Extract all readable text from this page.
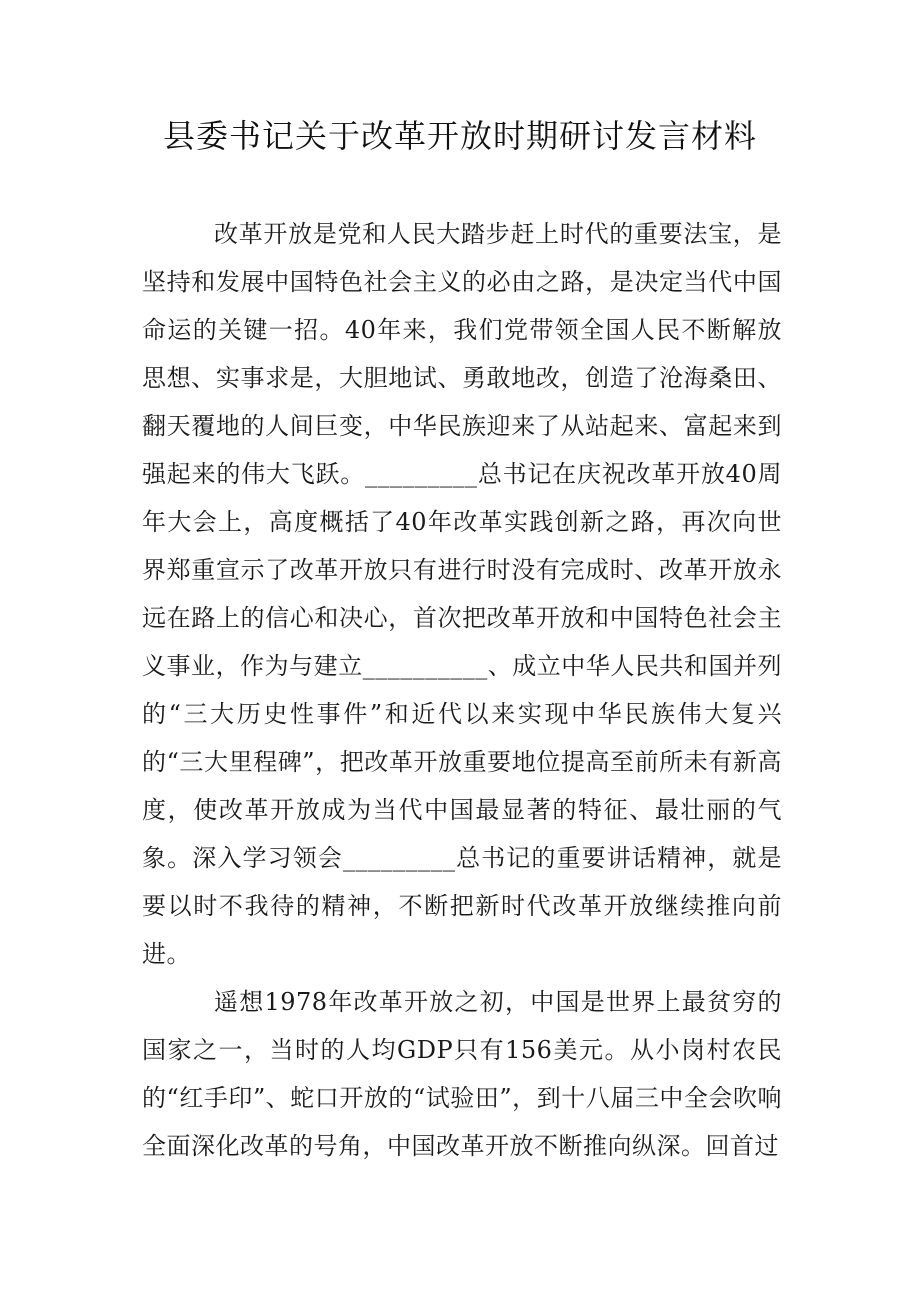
县委书记关于改革开放时期研讨发言材料

改革开放是党和人民大踏步赶上时代的重要法宝，是坚持和发展中国特色社会主义的必由之路，是决定当代中国命运的关键一招。40年来，我们党带领全国人民不断解放思想、实事求是，大胆地试、勇敢地改，创造了沧海桑田、翻天覆地的人间巨变，中华民族迎来了从站起来、富起来到强起来的伟大飞跃。_________总书记在庆祝改革开放40周年大会上，高度概括了40年改革实践创新之路，再次向世界郑重宣示了改革开放只有进行时没有完成时、改革开放永远在路上的信心和决心，首次把改革开放和中国特色社会主义事业，作为与建立__________、成立中华人民共和国并列的“三大历史性事件”和近代以来实现中华民族伟大复兴的“三大里程碑”，把改革开放重要地位提高至前所未有新高度，使改革开放成为当代中国最显著的特征、最壮丽的气象。深入学习领会_________总书记的重要讲话精神，就是要以时不我待的精神，不断把新时代改革开放继续推向前进。

遥想1978年改革开放之初，中国是世界上最贫穷的国家之一，当时的人均GDP只有156美元。从小岗村农民的“红手印”、蛇口开放的“试验田”，到十八届三中全会吹响全面深化改革的号角，中国改革开放不断推向纵深。回首过
